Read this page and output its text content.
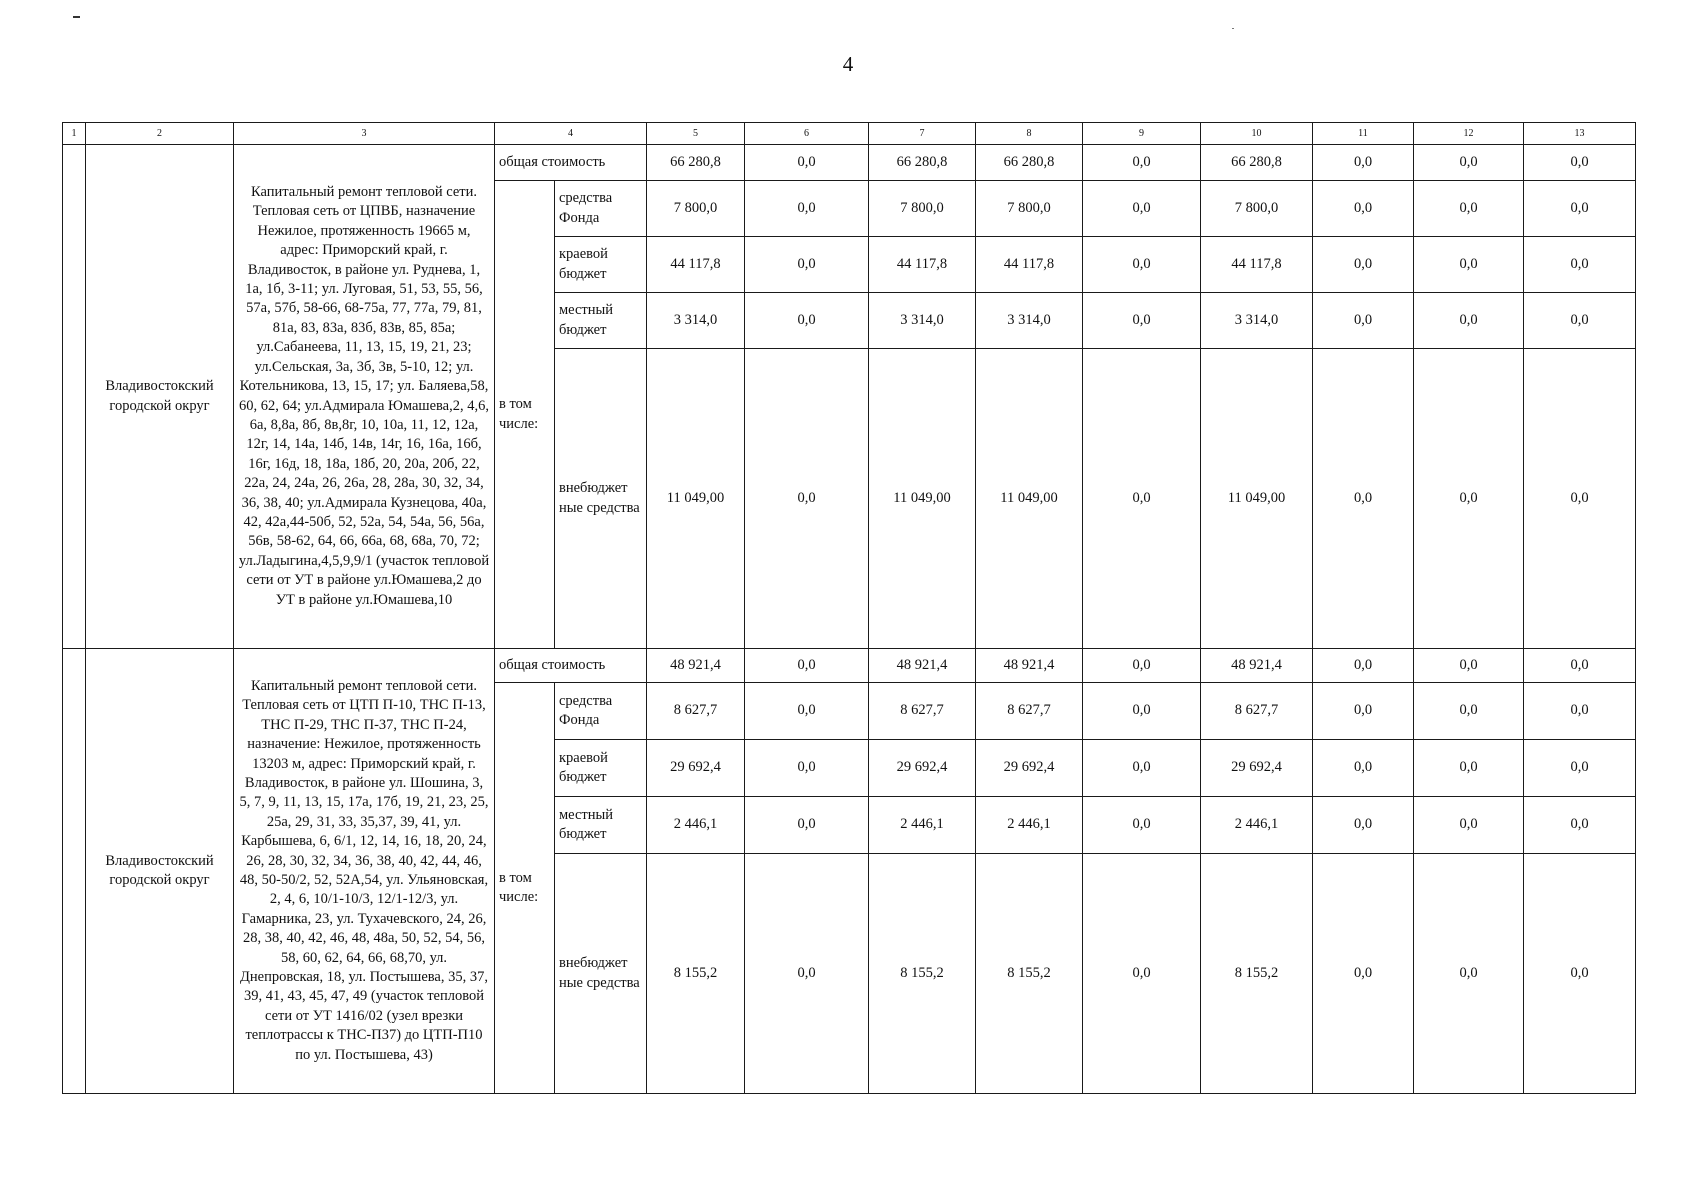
4
1	2	3	4		5	6	7	8	9	10	11	12	13
	Владивостокский городской округ	Капитальный ремонт тепловой сети. Тепловая сеть от ЦПВБ, назначение Нежилое, протяженность 19665 м, адрес: Приморский край, г. Владивосток, в районе ул. Руднева, 1, 1а, 1б, 3-11; ул. Луговая, 51, 53, 55, 56, 57а, 57б, 58-66, 68-75а, 77, 77а, 79, 81, 81а, 83, 83а, 83б, 83в, 85, 85а; ул.Сабанеева, 11, 13, 15, 19, 21, 23; ул.Сельская, 3а, 3б, 3в, 5-10, 12; ул. Котельникова, 13, 15, 17; ул. Баляева,58, 60, 62, 64; ул.Адмирала Юмашева,2, 4,6, 6а, 8,8а, 8б, 8в,8г, 10, 10а, 11, 12, 12а, 12г, 14, 14а, 14б, 14в, 14г, 16, 16а, 16б, 16г, 16д, 18, 18а, 18б, 20, 20а, 20б, 22, 22а, 24, 24а, 26, 26а, 28, 28а, 30, 32, 34, 36, 38, 40; ул.Адмирала Кузнецова, 40а, 42, 42а,44-50б, 52, 52а, 54, 54а, 56, 56а, 56в, 58-62, 64, 66, 66а, 68, 68а, 70, 72; ул.Ладыгина,4,5,9,9/1 (участок тепловой сети от УТ в районе ул.Юмашева,2 до УТ в районе ул.Юмашева,10	общая стоимость		66 280,8	0,0	66 280,8	66 280,8	0,0	66 280,8	0,0	0,0	0,0
			в том числе:	средства Фонда	7 800,0	0,0	7 800,0	7 800,0	0,0	7 800,0	0,0	0,0	0,0
				краевой бюджет	44 117,8	0,0	44 117,8	44 117,8	0,0	44 117,8	0,0	0,0	0,0
				местный бюджет	3 314,0	0,0	3 314,0	3 314,0	0,0	3 314,0	0,0	0,0	0,0
				внебюджет ные средства	11 049,00	0,0	11 049,00	11 049,00	0,0	11 049,00	0,0	0,0	0,0
	Владивостокский городской округ	Капитальный ремонт тепловой сети. Тепловая сеть от ЦТП П-10, ТНС П-13, ТНС П-29, ТНС П-37, ТНС П-24, назначение: Нежилое, протяженность 13203 м, адрес: Приморский край, г. Владивосток, в районе ул. Шошина, 3, 5, 7, 9, 11, 13, 15, 17а, 17б, 19, 21, 23, 25, 25а, 29, 31, 33, 35,37, 39, 41, ул. Карбышева, 6, 6/1, 12, 14, 16, 18, 20, 24, 26, 28, 30, 32, 34, 36, 38, 40, 42, 44, 46, 48, 50-50/2, 52, 52А,54, ул. Ульяновская, 2, 4, 6, 10/1-10/3, 12/1-12/3, ул. Гамарника, 23, ул. Тухачевского, 24, 26, 28, 38, 40, 42, 46, 48, 48а, 50, 52, 54, 56, 58, 60, 62, 64, 66, 68,70, ул. Днепровская, 18, ул. Постышева, 35, 37, 39, 41, 43, 45, 47, 49 (участок тепловой сети от УТ 1416/02 (узел врезки теплотрассы к ТНС-П37) до ЦТП-П10 по ул. Постышева, 43)	общая стоимость		48 921,4	0,0	48 921,4	48 921,4	0,0	48 921,4	0,0	0,0	0,0
			в том числе:	средства Фонда	8 627,7	0,0	8 627,7	8 627,7	0,0	8 627,7	0,0	0,0	0,0
				краевой бюджет	29 692,4	0,0	29 692,4	29 692,4	0,0	29 692,4	0,0	0,0	0,0
				местный бюджет	2 446,1	0,0	2 446,1	2 446,1	0,0	2 446,1	0,0	0,0	0,0
				внебюджет ные средства	8 155,2	0,0	8 155,2	8 155,2	0,0	8 155,2	0,0	0,0	0,0
